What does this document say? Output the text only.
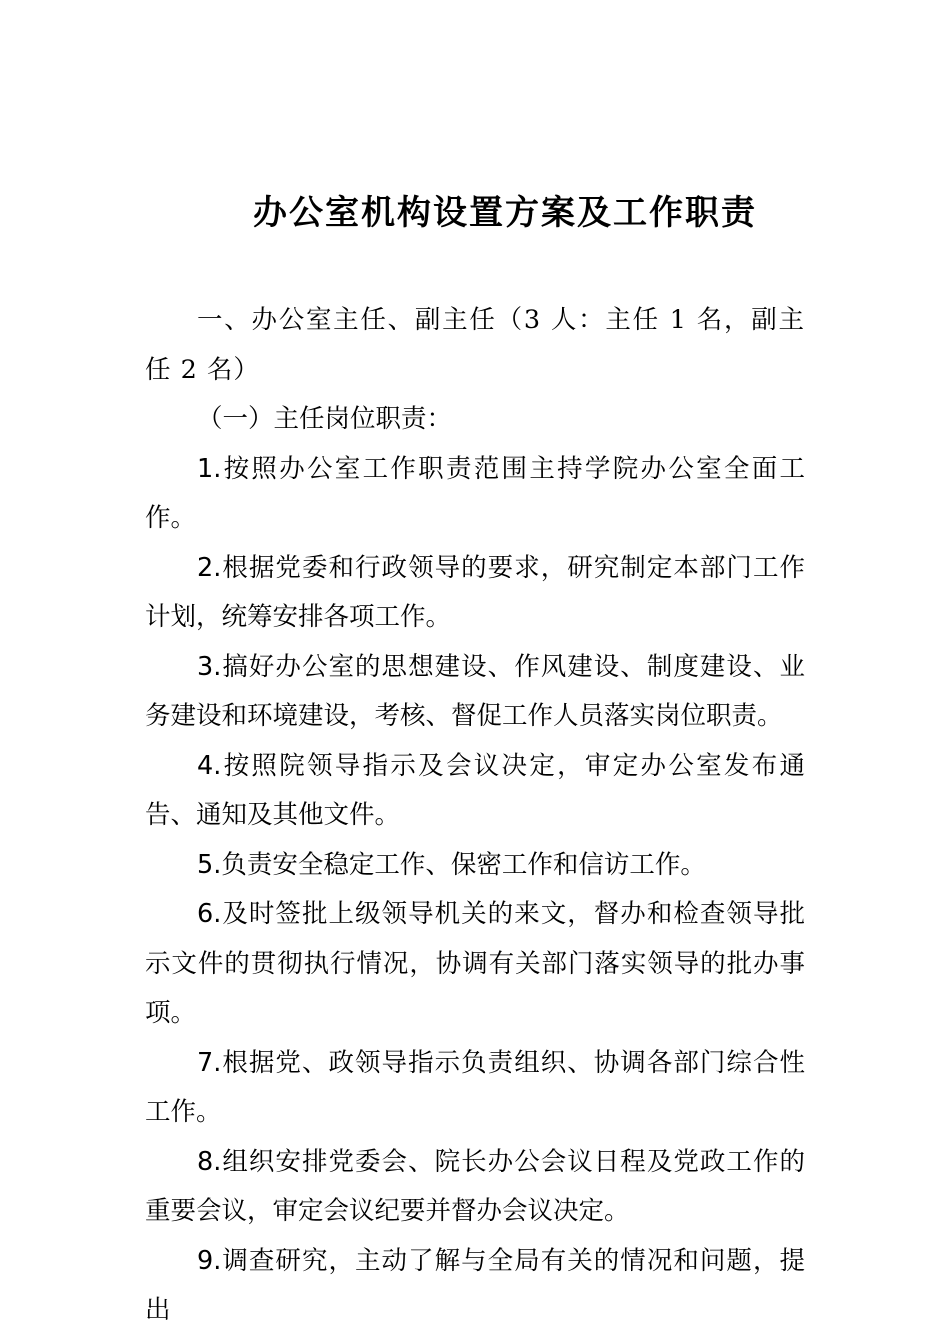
办公室机构设置方案及工作职责

一、办公室主任、副主任（3 人：主任 1 名，副主任 2 名）

（一）主任岗位职责：

1.按照办公室工作职责范围主持学院办公室全面工作。

2.根据党委和行政领导的要求，研究制定本部门工作计划，统筹安排各项工作。

3.搞好办公室的思想建设、作风建设、制度建设、业务建设和环境建设，考核、督促工作人员落实岗位职责。

4.按照院领导指示及会议决定，审定办公室发布通告、通知及其他文件。

5.负责安全稳定工作、保密工作和信访工作。

6.及时签批上级领导机关的来文，督办和检查领导批示文件的贯彻执行情况，协调有关部门落实领导的批办事项。

7.根据党、政领导指示负责组织、协调各部门综合性工作。

8.组织安排党委会、院长办公会议日程及党政工作的重要会议，审定会议纪要并督办会议决定。

9.调查研究，主动了解与全局有关的情况和问题，提出
